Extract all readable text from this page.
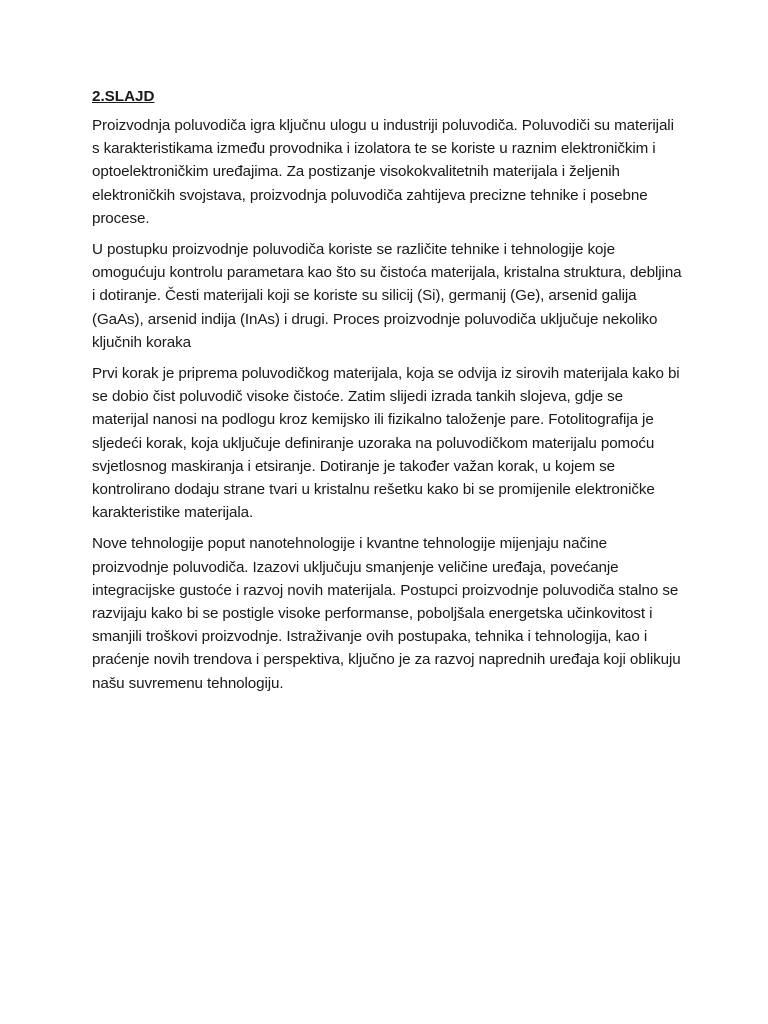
2.SLAJD

Proizvodnja poluvodiča igra ključnu ulogu u industriji poluvodiča. Poluvodiči su materijali s karakteristikama između provodnika i izolatora te se koriste u raznim elektroničkim i optoelektroničkim uređajima. Za postizanje visokokvalitetnih materijala i željenih elektroničkih svojstava, proizvodnja poluvodiča zahtijeva precizne tehnike i posebne procese.

U postupku proizvodnje poluvodiča koriste se različite tehnike i tehnologije koje omogućuju kontrolu parametara kao što su čistoća materijala, kristalna struktura, debljina i dotiranje. Česti materijali koji se koriste su silicij (Si), germanij (Ge), arsenid galija (GaAs), arsenid indija (InAs) i drugi. Proces proizvodnje poluvodiča uključuje nekoliko ključnih koraka

Prvi korak je priprema poluvodičkog materijala, koja se odvija iz sirovih materijala kako bi se dobio čist poluvodič visoke čistoće. Zatim slijedi izrada tankih slojeva, gdje se materijal nanosi na podlogu kroz kemijsko ili fizikalno taloženje pare. Fotolitografija je sljedeći korak, koja uključuje definiranje uzoraka na poluvodičkom materijalu pomoću svjetlosnog maskiranja i etsiranje. Dotiranje je također važan korak, u kojem se kontrolirano dodaju strane tvari u kristalnu rešetku kako bi se promijenile elektroničke karakteristike materijala.

Nove tehnologije poput nanotehnologije i kvantne tehnologije mijenjaju načine proizvodnje poluvodiča. Izazovi uključuju smanjenje veličine uređaja, povećanje integracijske gustoće i razvoj novih materijala. Postupci proizvodnje poluvodiča stalno se razvijaju kako bi se postigle visoke performanse, poboljšala energetska učinkovitost i smanjili troškovi proizvodnje. Istraživanje ovih postupaka, tehnika i tehnologija, kao i praćenje novih trendova i perspektiva, ključno je za razvoj naprednih uređaja koji oblikuju našu suvremenu tehnologiju.
